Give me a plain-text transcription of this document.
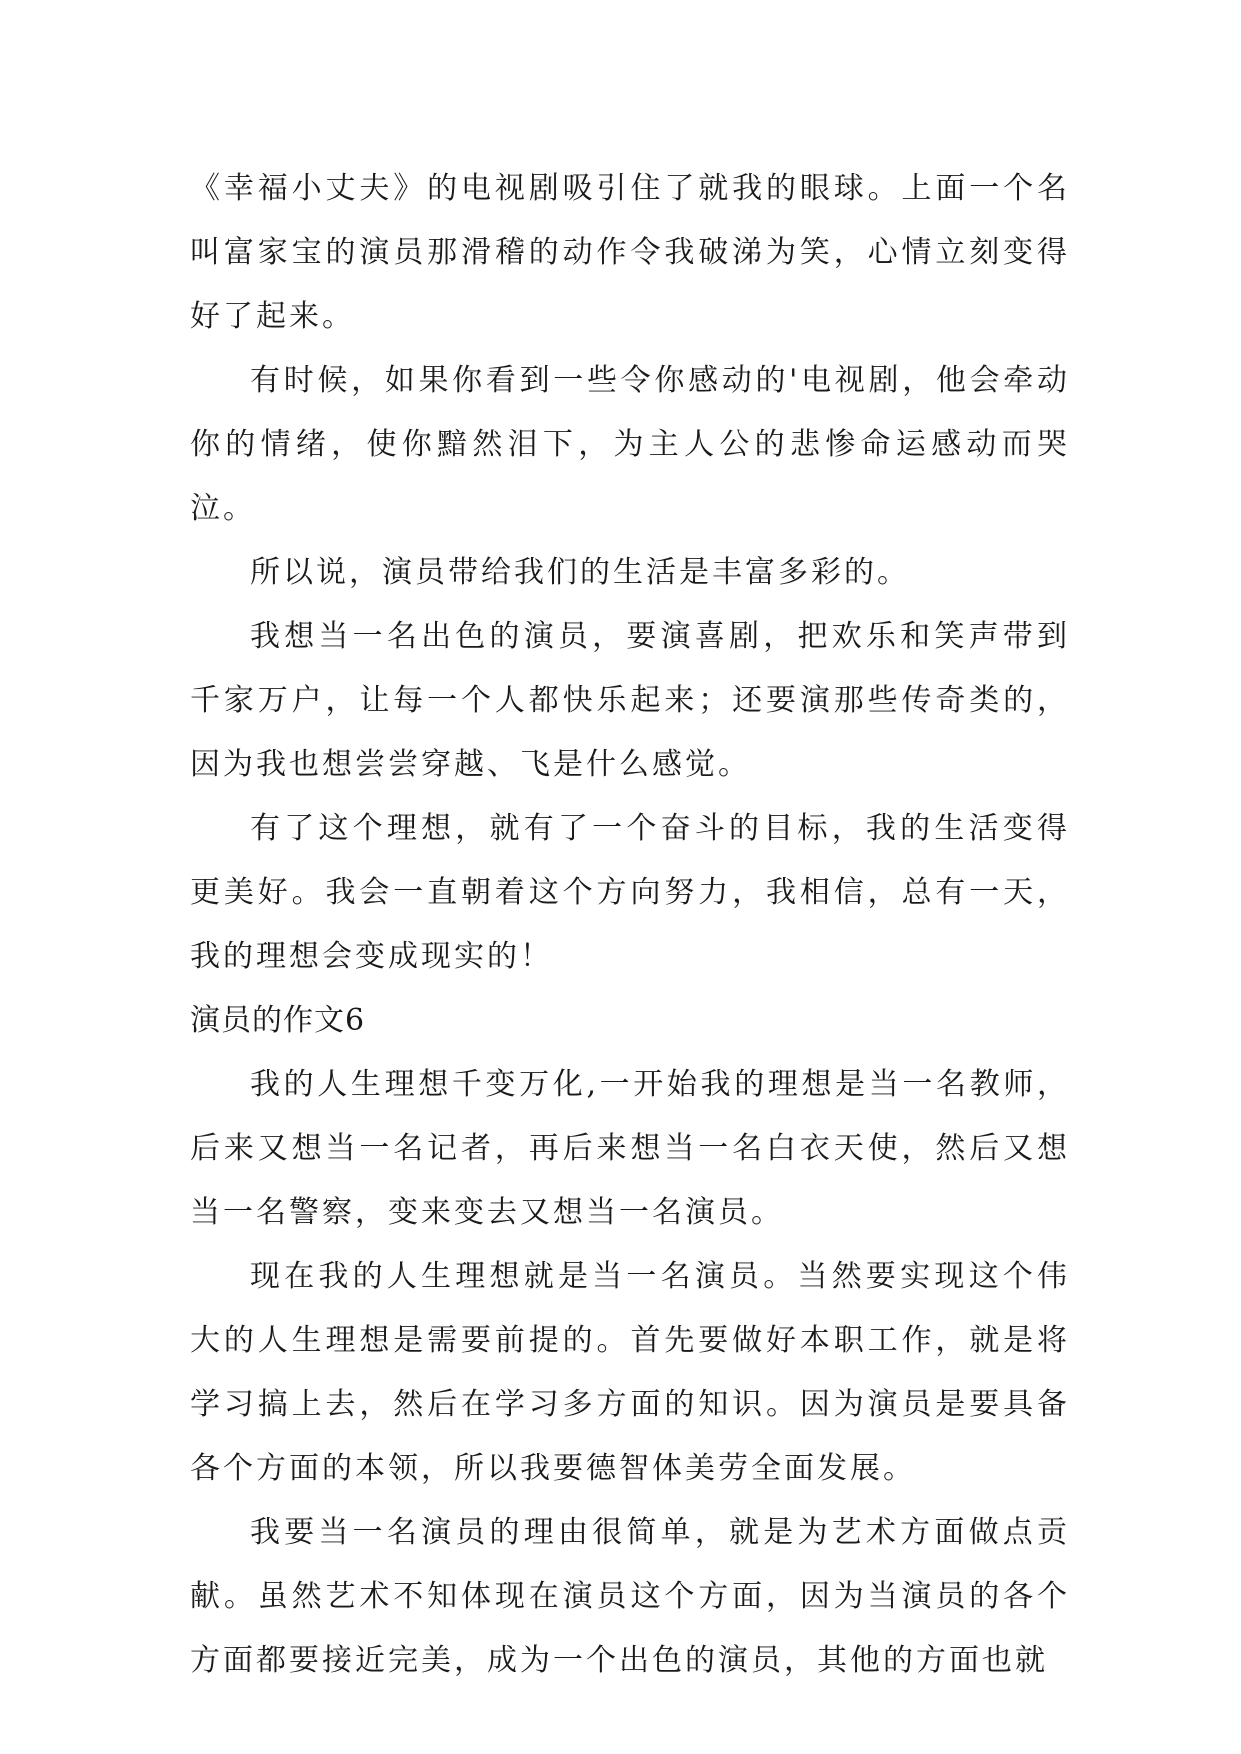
《幸福小丈夫》的电视剧吸引住了就我的眼球。上面一个名叫富家宝的演员那滑稽的动作令我破涕为笑，心情立刻变得好了起来。

有时候，如果你看到一些令你感动的'电视剧，他会牵动你的情绪，使你黯然泪下，为主人公的悲惨命运感动而哭泣。

所以说，演员带给我们的生活是丰富多彩的。

我想当一名出色的演员，要演喜剧，把欢乐和笑声带到千家万户，让每一个人都快乐起来；还要演那些传奇类的，因为我也想尝尝穿越、飞是什么感觉。

有了这个理想，就有了一个奋斗的目标，我的生活变得更美好。我会一直朝着这个方向努力，我相信，总有一天，我的理想会变成现实的！

演员的作文6

我的人生理想千变万化,一开始我的理想是当一名教师，后来又想当一名记者，再后来想当一名白衣天使，然后又想当一名警察，变来变去又想当一名演员。

现在我的人生理想就是当一名演员。当然要实现这个伟大的人生理想是需要前提的。首先要做好本职工作，就是将学习搞上去，然后在学习多方面的知识。因为演员是要具备各个方面的本领，所以我要德智体美劳全面发展。

我要当一名演员的理由很简单，就是为艺术方面做点贡献。虽然艺术不知体现在演员这个方面，因为当演员的各个方面都要接近完美，成为一个出色的演员，其他的方面也就
